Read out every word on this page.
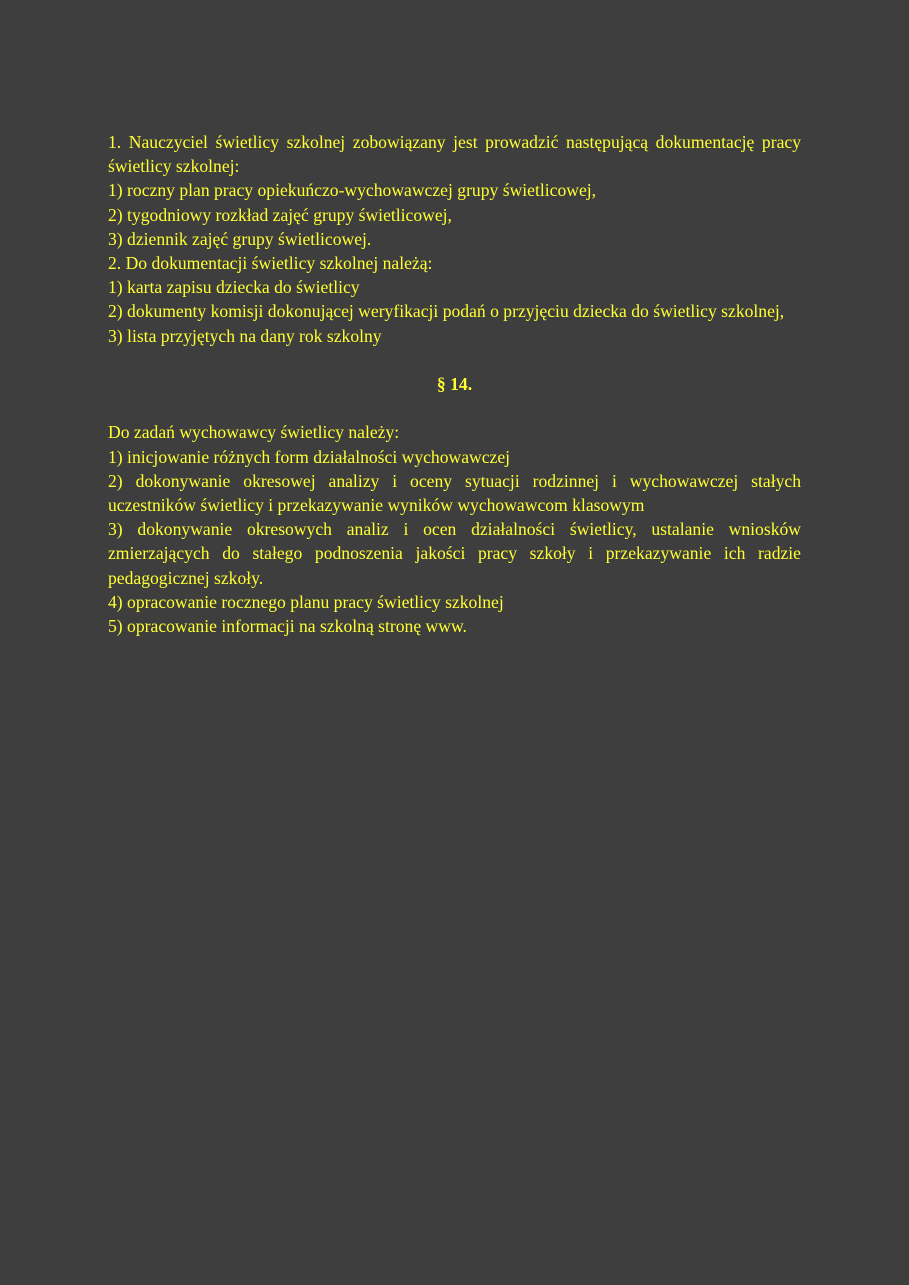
1. Nauczyciel świetlicy szkolnej zobowiązany jest prowadzić następującą dokumentację pracy świetlicy szkolnej:
1) roczny plan pracy opiekuńczo-wychowawczej grupy świetlicowej,
2) tygodniowy rozkład zajęć grupy świetlicowej,
3) dziennik zajęć grupy świetlicowej.
2. Do dokumentacji świetlicy szkolnej należą:
1) karta zapisu dziecka do świetlicy
2) dokumenty komisji dokonującej weryfikacji podań o przyjęciu dziecka do świetlicy szkolnej,
3) lista przyjętych na dany rok szkolny
§ 14.
Do zadań wychowawcy świetlicy należy:
1) inicjowanie różnych form działalności wychowawczej
2) dokonywanie okresowej analizy i oceny sytuacji rodzinnej i wychowawczej stałych uczestników świetlicy i przekazywanie wyników wychowawcom klasowym
3) dokonywanie okresowych analiz i ocen działalności świetlicy, ustalanie wniosków zmierzających do stałego podnoszenia jakości pracy szkoły i przekazywanie ich radzie pedagogicznej szkoły.
4) opracowanie rocznego planu pracy świetlicy szkolnej
5) opracowanie informacji na szkolną stronę www.
